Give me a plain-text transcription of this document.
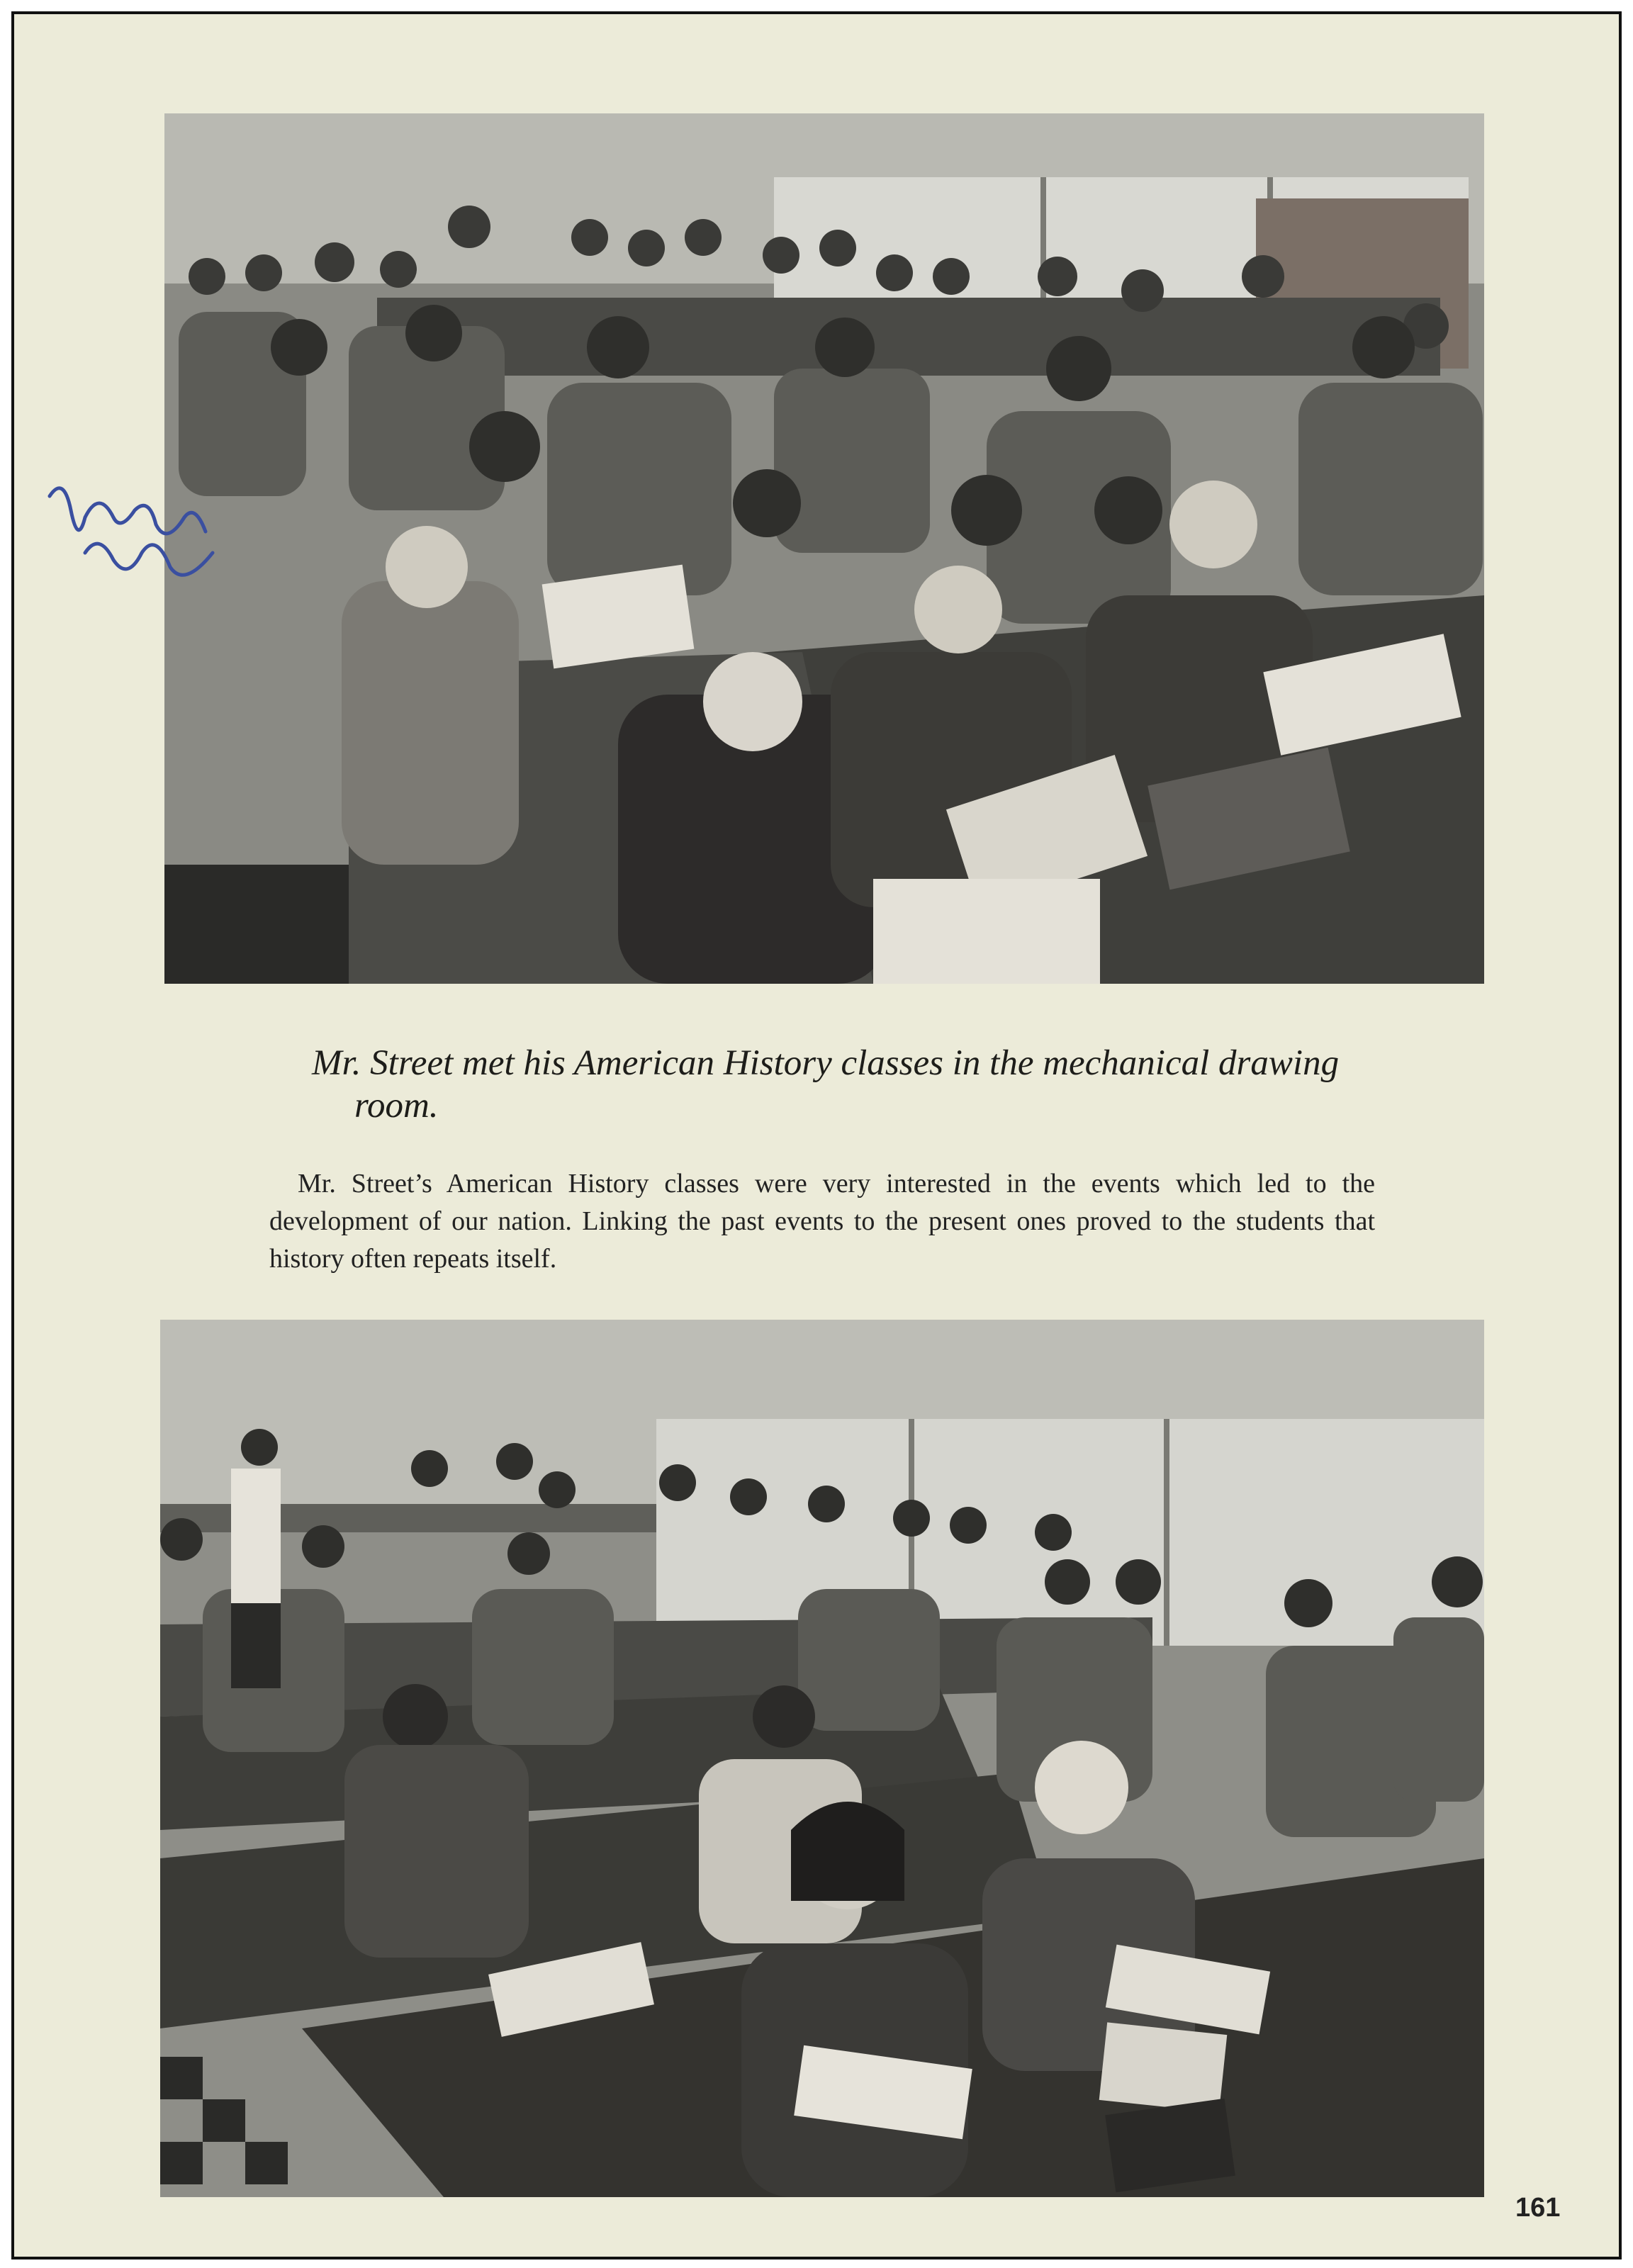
Mr. Street met his American History classes in the mechanical drawing room.

Mr. Street’s American History classes were very interested in the events which led to the development of our nation. Linking the past events to the present ones proved to the students that history often repeats itself.

161
